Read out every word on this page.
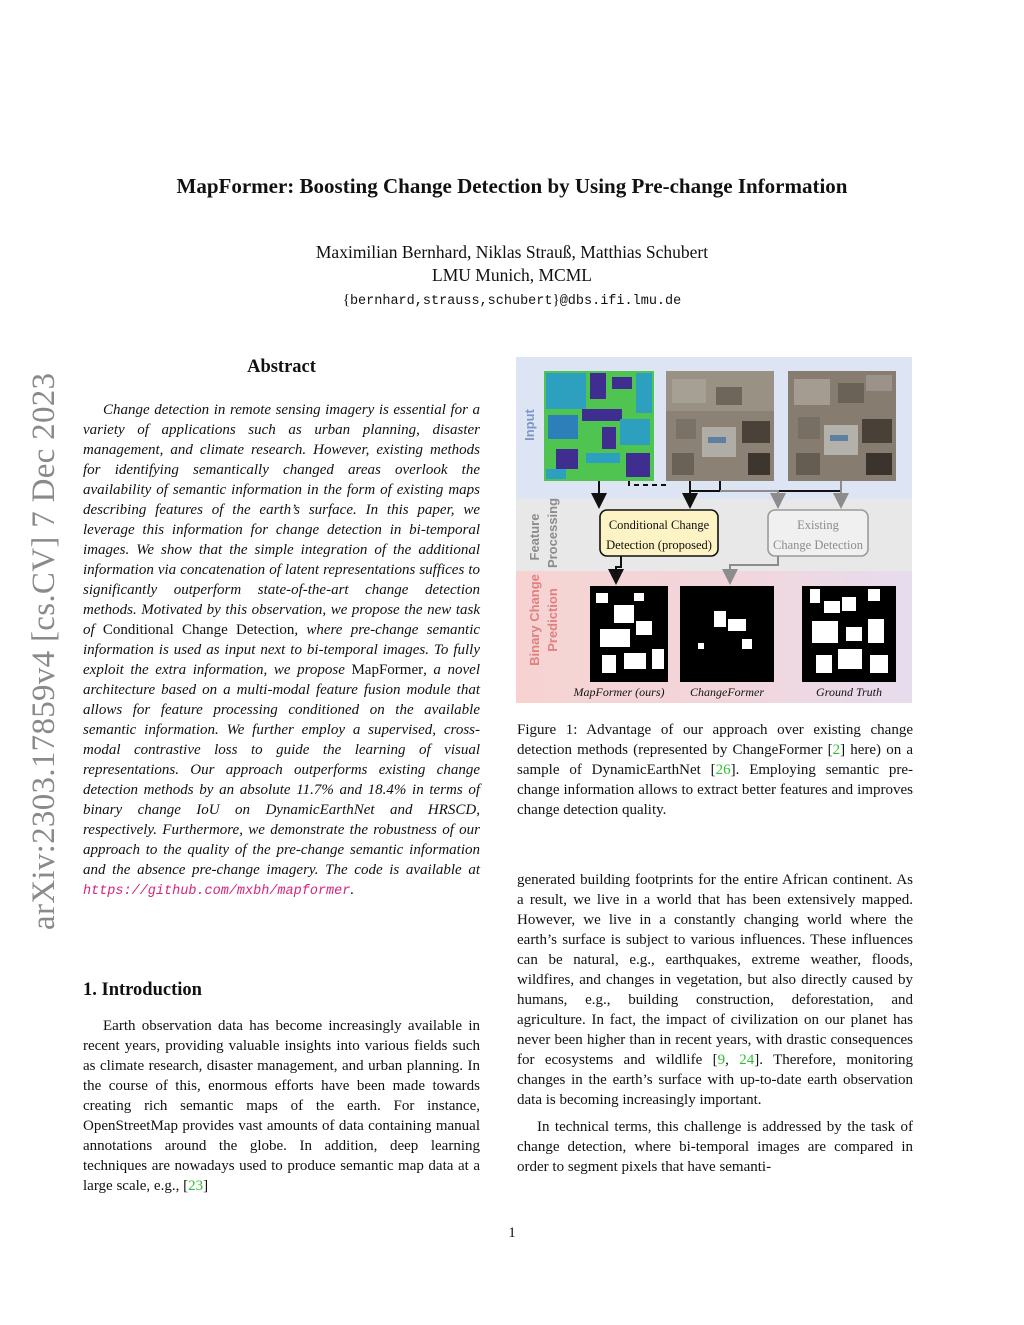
MapFormer: Boosting Change Detection by Using Pre-change Information
Maximilian Bernhard, Niklas Strauß, Matthias Schubert
LMU Munich, MCML
{bernhard,strauss,schubert}@dbs.ifi.lmu.de
arXiv:2303.17859v4 [cs.CV] 7 Dec 2023
Abstract

Change detection in remote sensing imagery is essential for a variety of applications such as urban planning, disaster management, and climate research. However, existing methods for identifying semantically changed areas overlook the availability of semantic information in the form of existing maps describing features of the earth’s surface. In this paper, we leverage this information for change detection in bi-temporal images. We show that the simple integration of the additional information via concatenation of latent representations suffices to significantly outperform state-of-the-art change detection methods. Motivated by this observation, we propose the new task of Conditional Change Detection, where pre-change semantic information is used as input next to bi-temporal images. To fully exploit the extra information, we propose MapFormer, a novel architecture based on a multi-modal feature fusion module that allows for feature processing conditioned on the available semantic information. We further employ a supervised, cross-modal contrastive loss to guide the learning of visual representations. Our approach outperforms existing change detection methods by an absolute 11.7% and 18.4% in terms of binary change IoU on DynamicEarthNet and HRSCD, respectively. Furthermore, we demonstrate the robustness of our approach to the quality of the pre-change semantic information and the absence pre-change imagery. The code is available at https://github.com/mxbh/mapformer.

1. Introduction

Earth observation data has become increasingly available in recent years, providing valuable insights into various fields such as climate research, disaster management, and urban planning. In the course of this, enormous efforts have been made towards creating rich semantic maps of the earth. For instance, OpenStreetMap provides vast amounts of data containing manual annotations around the globe. In addition, deep learning techniques are nowadays used to produce semantic map data at a large scale, e.g., [23]

Input
Feature Processing
Binary Change Prediction
Conditional Change
Detection (proposed)
Existing
Change Detection
MapFormer (ours) ChangeFormer	Ground Truth
Figure 1: Advantage of our approach over existing change detection methods (represented by ChangeFormer [2] here) on a sample of DynamicEarthNet [26]. Employing semantic pre-change information allows to extract better features and improves change detection quality.

generated building footprints for the entire African continent. As a result, we live in a world that has been extensively mapped. However, we live in a constantly changing world where the earth’s surface is subject to various influences. These influences can be natural, e.g., earthquakes, extreme weather, floods, wildfires, and changes in vegetation, but also directly caused by humans, e.g., building construction, deforestation, and agriculture. In fact, the impact of civilization on our planet has never been higher than in recent years, with drastic consequences for ecosystems and wildlife [9, 24]. Therefore, monitoring changes in the earth’s surface with up-to-date earth observation data is becoming increasingly important.

In technical terms, this challenge is addressed by the task of change detection, where bi-temporal images are compared in order to segment pixels that have semanti-

1
